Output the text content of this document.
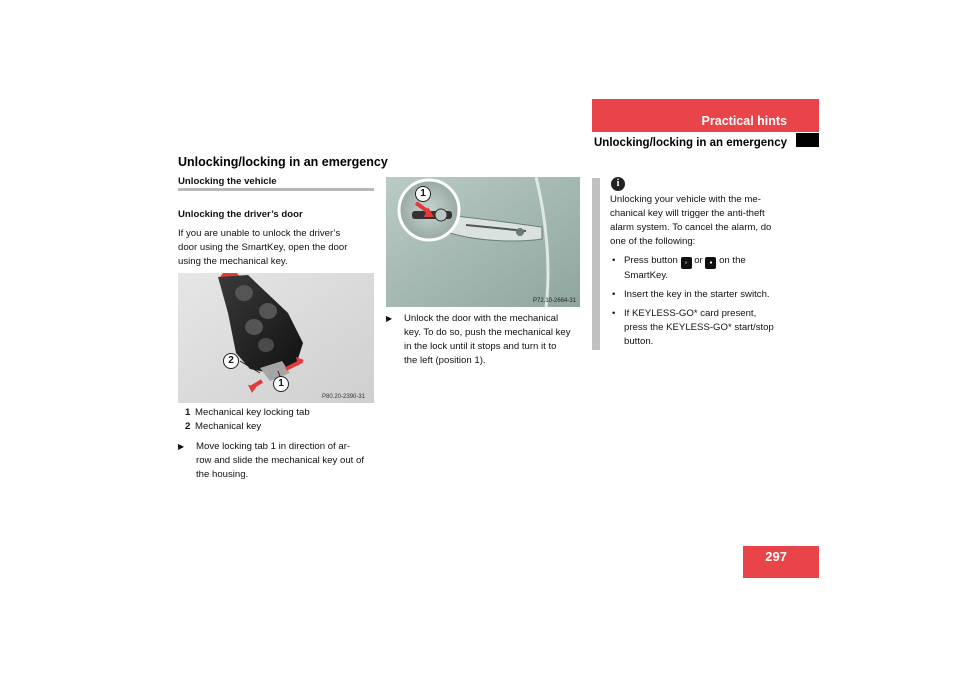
Practical hints
Unlocking/locking in an emergency
Unlocking/locking in an emergency

Unlocking the vehicle

Unlocking the driver’s door

If you are unable to unlock the driver’s

door using the SmartKey, open the door

using the mechanical key.

2
1
P80.20-2390-31

1 Mechanical key locking tab

2 Mechanical key

▶ Move locking tab 1 in direction of ar-

row and slide the mechanical key out of

the housing.

1
P72.10-2664-31

▶ Unlock the door with the mechanical

key. To do so, push the mechanical key

in the lock until it stops and turn it to

the left (position 1).

i

Unlocking your vehicle with the me-

chanical key will trigger the anti-theft

alarm system. To cancel the alarm, do

one of the following:

• Press button ◦ or ▪ on the

SmartKey.

• Insert the key in the starter switch.

• If KEYLESS-GO* card present,

press the KEYLESS-GO* start/stop

button.

297
